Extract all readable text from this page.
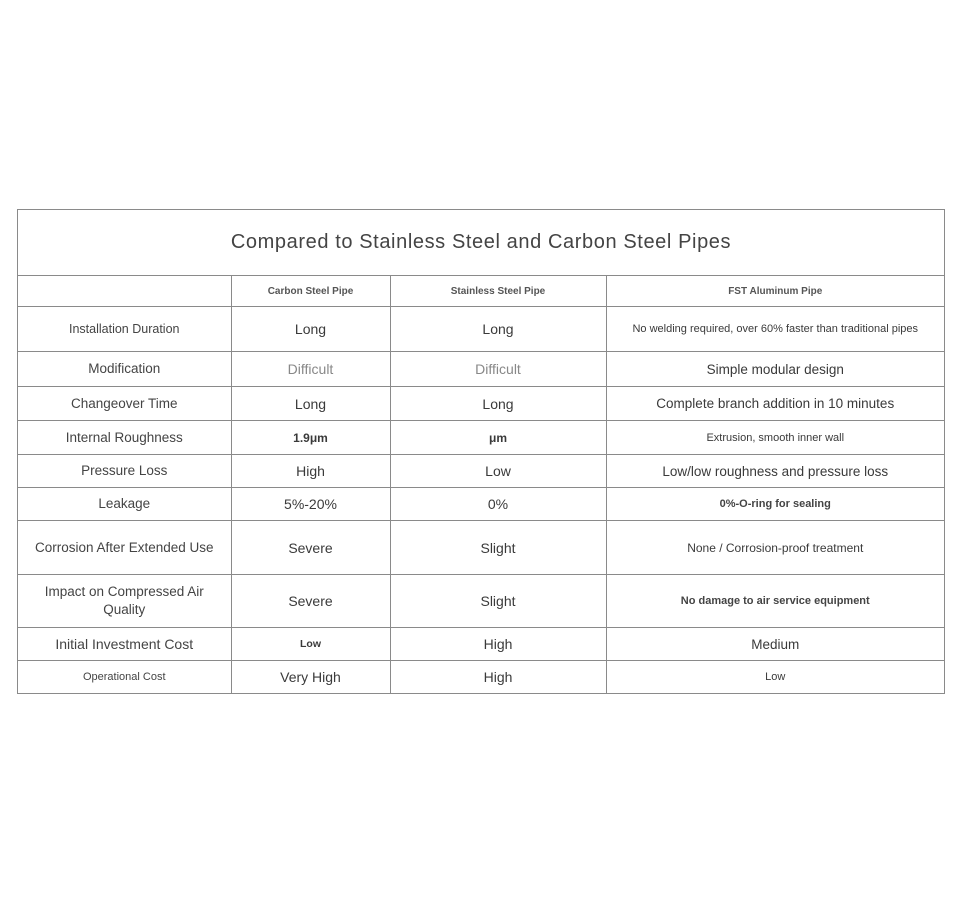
Compared to Stainless Steel and Carbon Steel Pipes
	Carbon Steel Pipe	Stainless Steel Pipe	FST Aluminum Pipe
Installation Duration	Long	Long	No welding required, over 60% faster than traditional pipes
Modification	Difficult	Difficult	Simple modular design
Changeover Time	Long	Long	Complete branch addition in 10 minutes
Internal Roughness	1.9μm	μm	Extrusion, smooth inner wall
Pressure Loss	High	Low	Low/low roughness and pressure loss
Leakage	5%-20%	0%	0%-O-ring for sealing
Corrosion After Extended Use	Severe	Slight	None / Corrosion-proof treatment
Impact on Compressed Air Quality	Severe	Slight	No damage to air service equipment
Initial Investment Cost	Low	High	Medium
Operational Cost	Very High	High	Low
